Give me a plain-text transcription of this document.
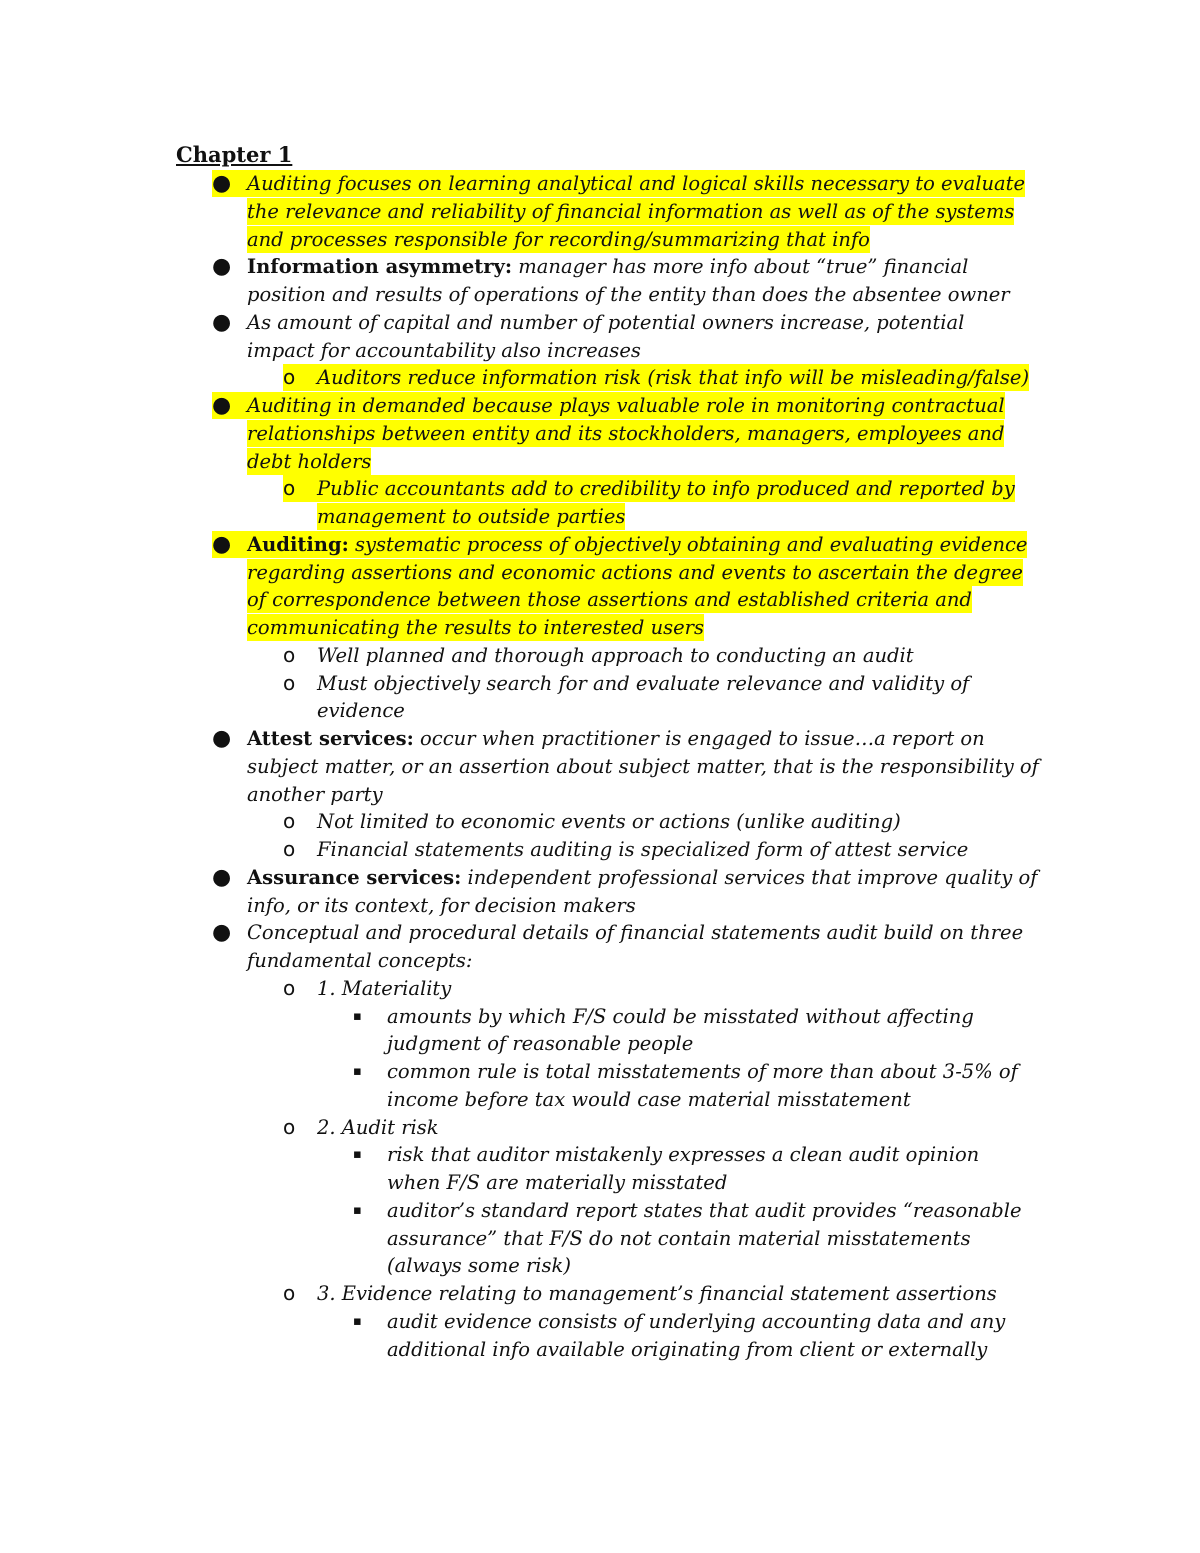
Chapter 1
● Auditing focuses on learning analytical and logical skills necessary to evaluate
the relevance and reliability of financial information as well as of the systems
and processes responsible for recording/summarizing that info
● Information asymmetry: manager has more info about “true” financial
position and results of operations of the entity than does the absentee owner
● As amount of capital and number of potential owners increase, potential
impact for accountability also increases
o	Auditors reduce information risk (risk that info will be misleading/false)
● Auditing in demanded because plays valuable role in monitoring contractual
relationships between entity and its stockholders, managers, employees and
debt holders
o	Public accountants add to credibility to info produced and reported by
management to outside parties
● Auditing: systematic process of objectively obtaining and evaluating evidence
regarding assertions and economic actions and events to ascertain the degree
of correspondence between those assertions and established criteria and
communicating the results to interested users
o	Well planned and thorough approach to conducting an audit
o	Must objectively search for and evaluate relevance and validity of
evidence
● Attest services: occur when practitioner is engaged to issue…a report on
subject matter, or an assertion about subject matter, that is the responsibility of
another party
o	Not limited to economic events or actions (unlike auditing)
o	Financial statements auditing is specialized form of attest service
● Assurance services: independent professional services that improve quality of
info, or its context, for decision makers
● Conceptual and procedural details of financial statements audit build on three
fundamental concepts:
o	1. Materiality
▪	amounts by which F/S could be misstated without affecting
judgment of reasonable people
▪	common rule is total misstatements of more than about 3-5% of
income before tax would case material misstatement
o	2. Audit risk
▪	risk that auditor mistakenly expresses a clean audit opinion
when F/S are materially misstated
▪	auditor’s standard report states that audit provides “reasonable
assurance” that F/S do not contain material misstatements
(always some risk)
o	3. Evidence relating to management’s financial statement assertions
▪	audit evidence consists of underlying accounting data and any
additional info available originating from client or externally
